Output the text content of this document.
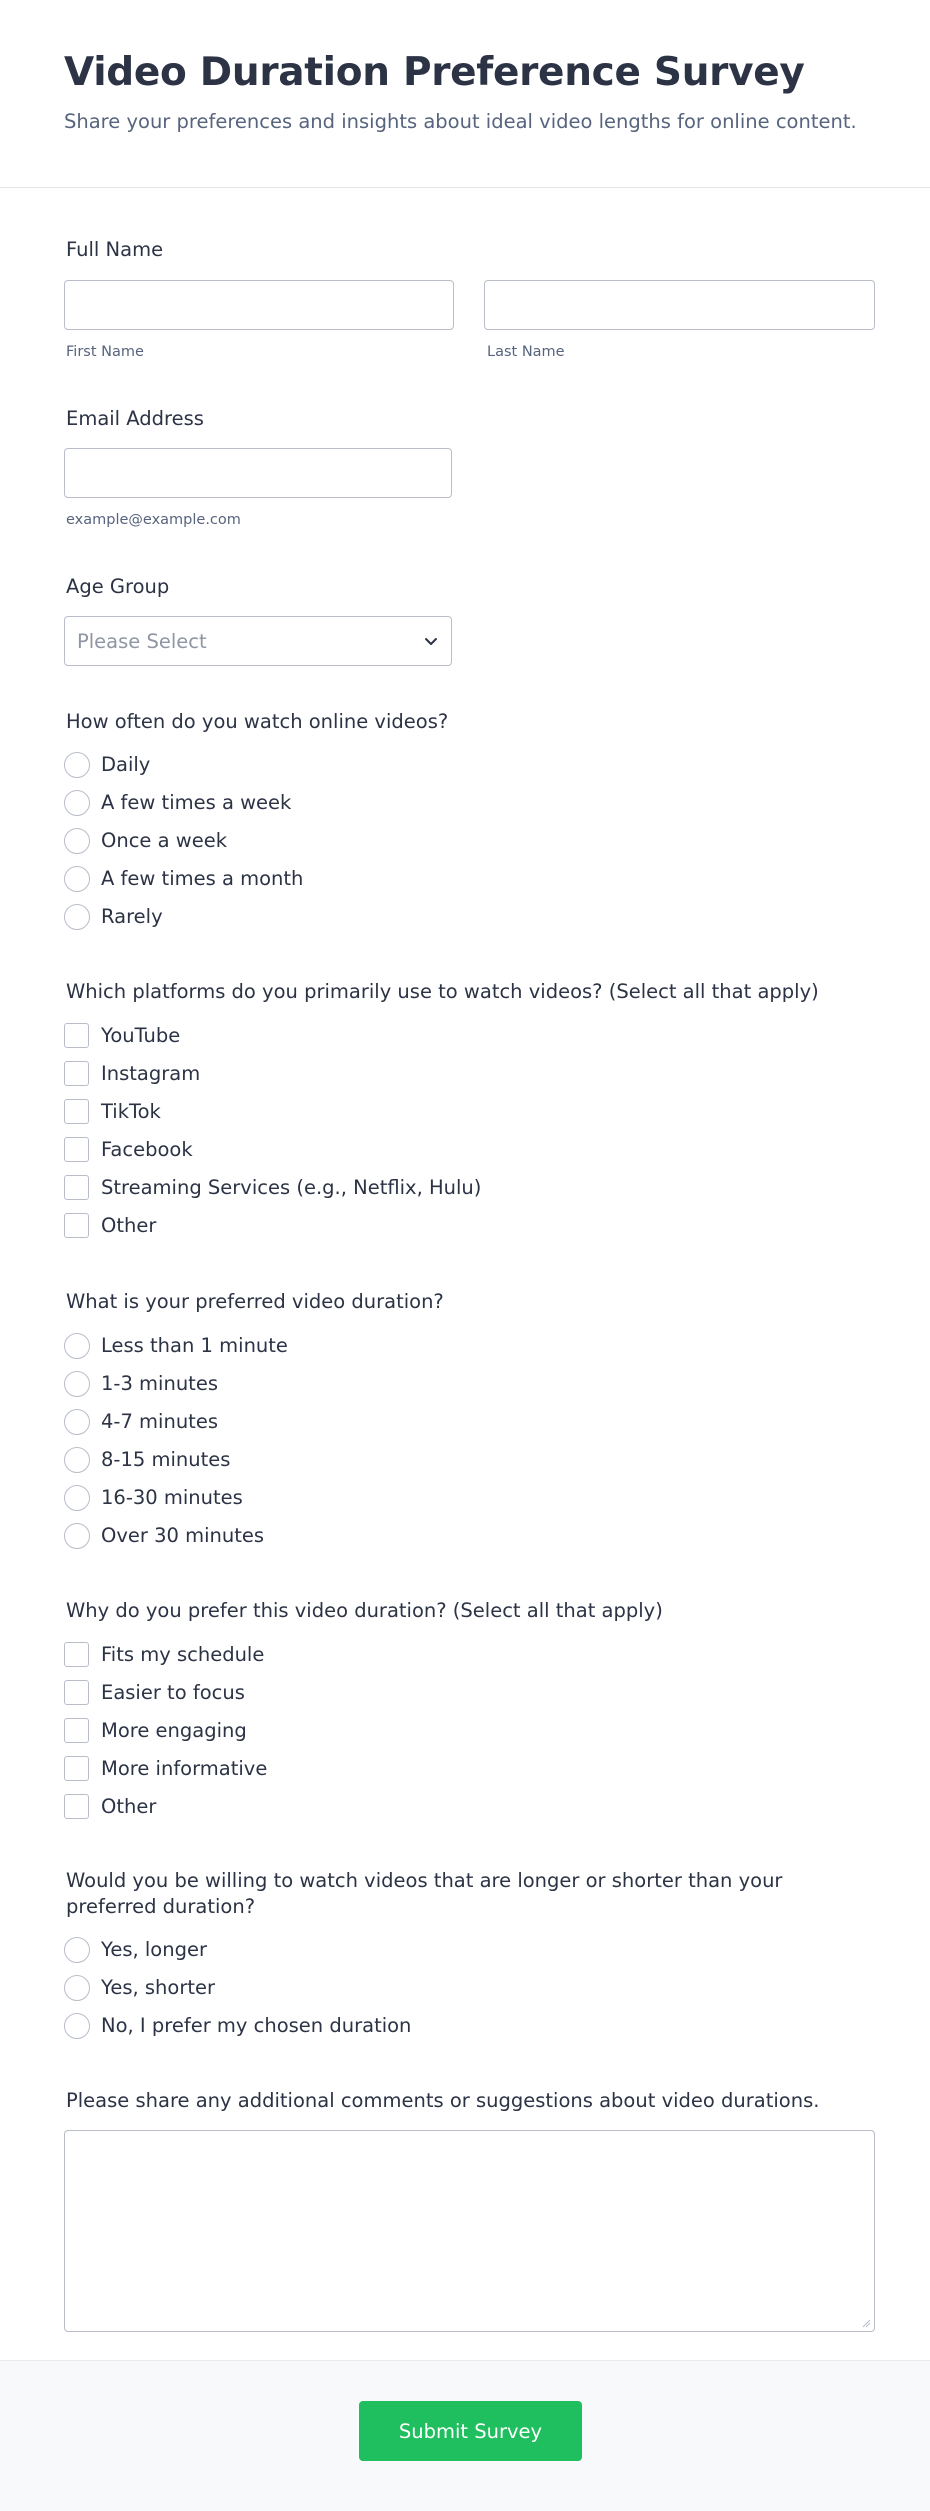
Video Duration Preference Survey
Share your preferences and insights about ideal video lengths for online content.
Full Name
First Name	Last Name
Email Address
example@example.com
Age Group
Please Select
How often do you watch online videos?
Daily
A few times a week
Once a week
A few times a month
Rarely
Which platforms do you primarily use to watch videos? (Select all that apply)
YouTube
Instagram
TikTok
Facebook
Streaming Services (e.g., Netflix, Hulu)
Other
What is your preferred video duration?
Less than 1 minute
1-3 minutes
4-7 minutes
8-15 minutes
16-30 minutes
Over 30 minutes
Why do you prefer this video duration? (Select all that apply)
Fits my schedule
Easier to focus
More engaging
More informative
Other
Would you be willing to watch videos that are longer or shorter than your preferred duration?
Yes, longer
Yes, shorter
No, I prefer my chosen duration
Please share any additional comments or suggestions about video durations.
Submit Survey
